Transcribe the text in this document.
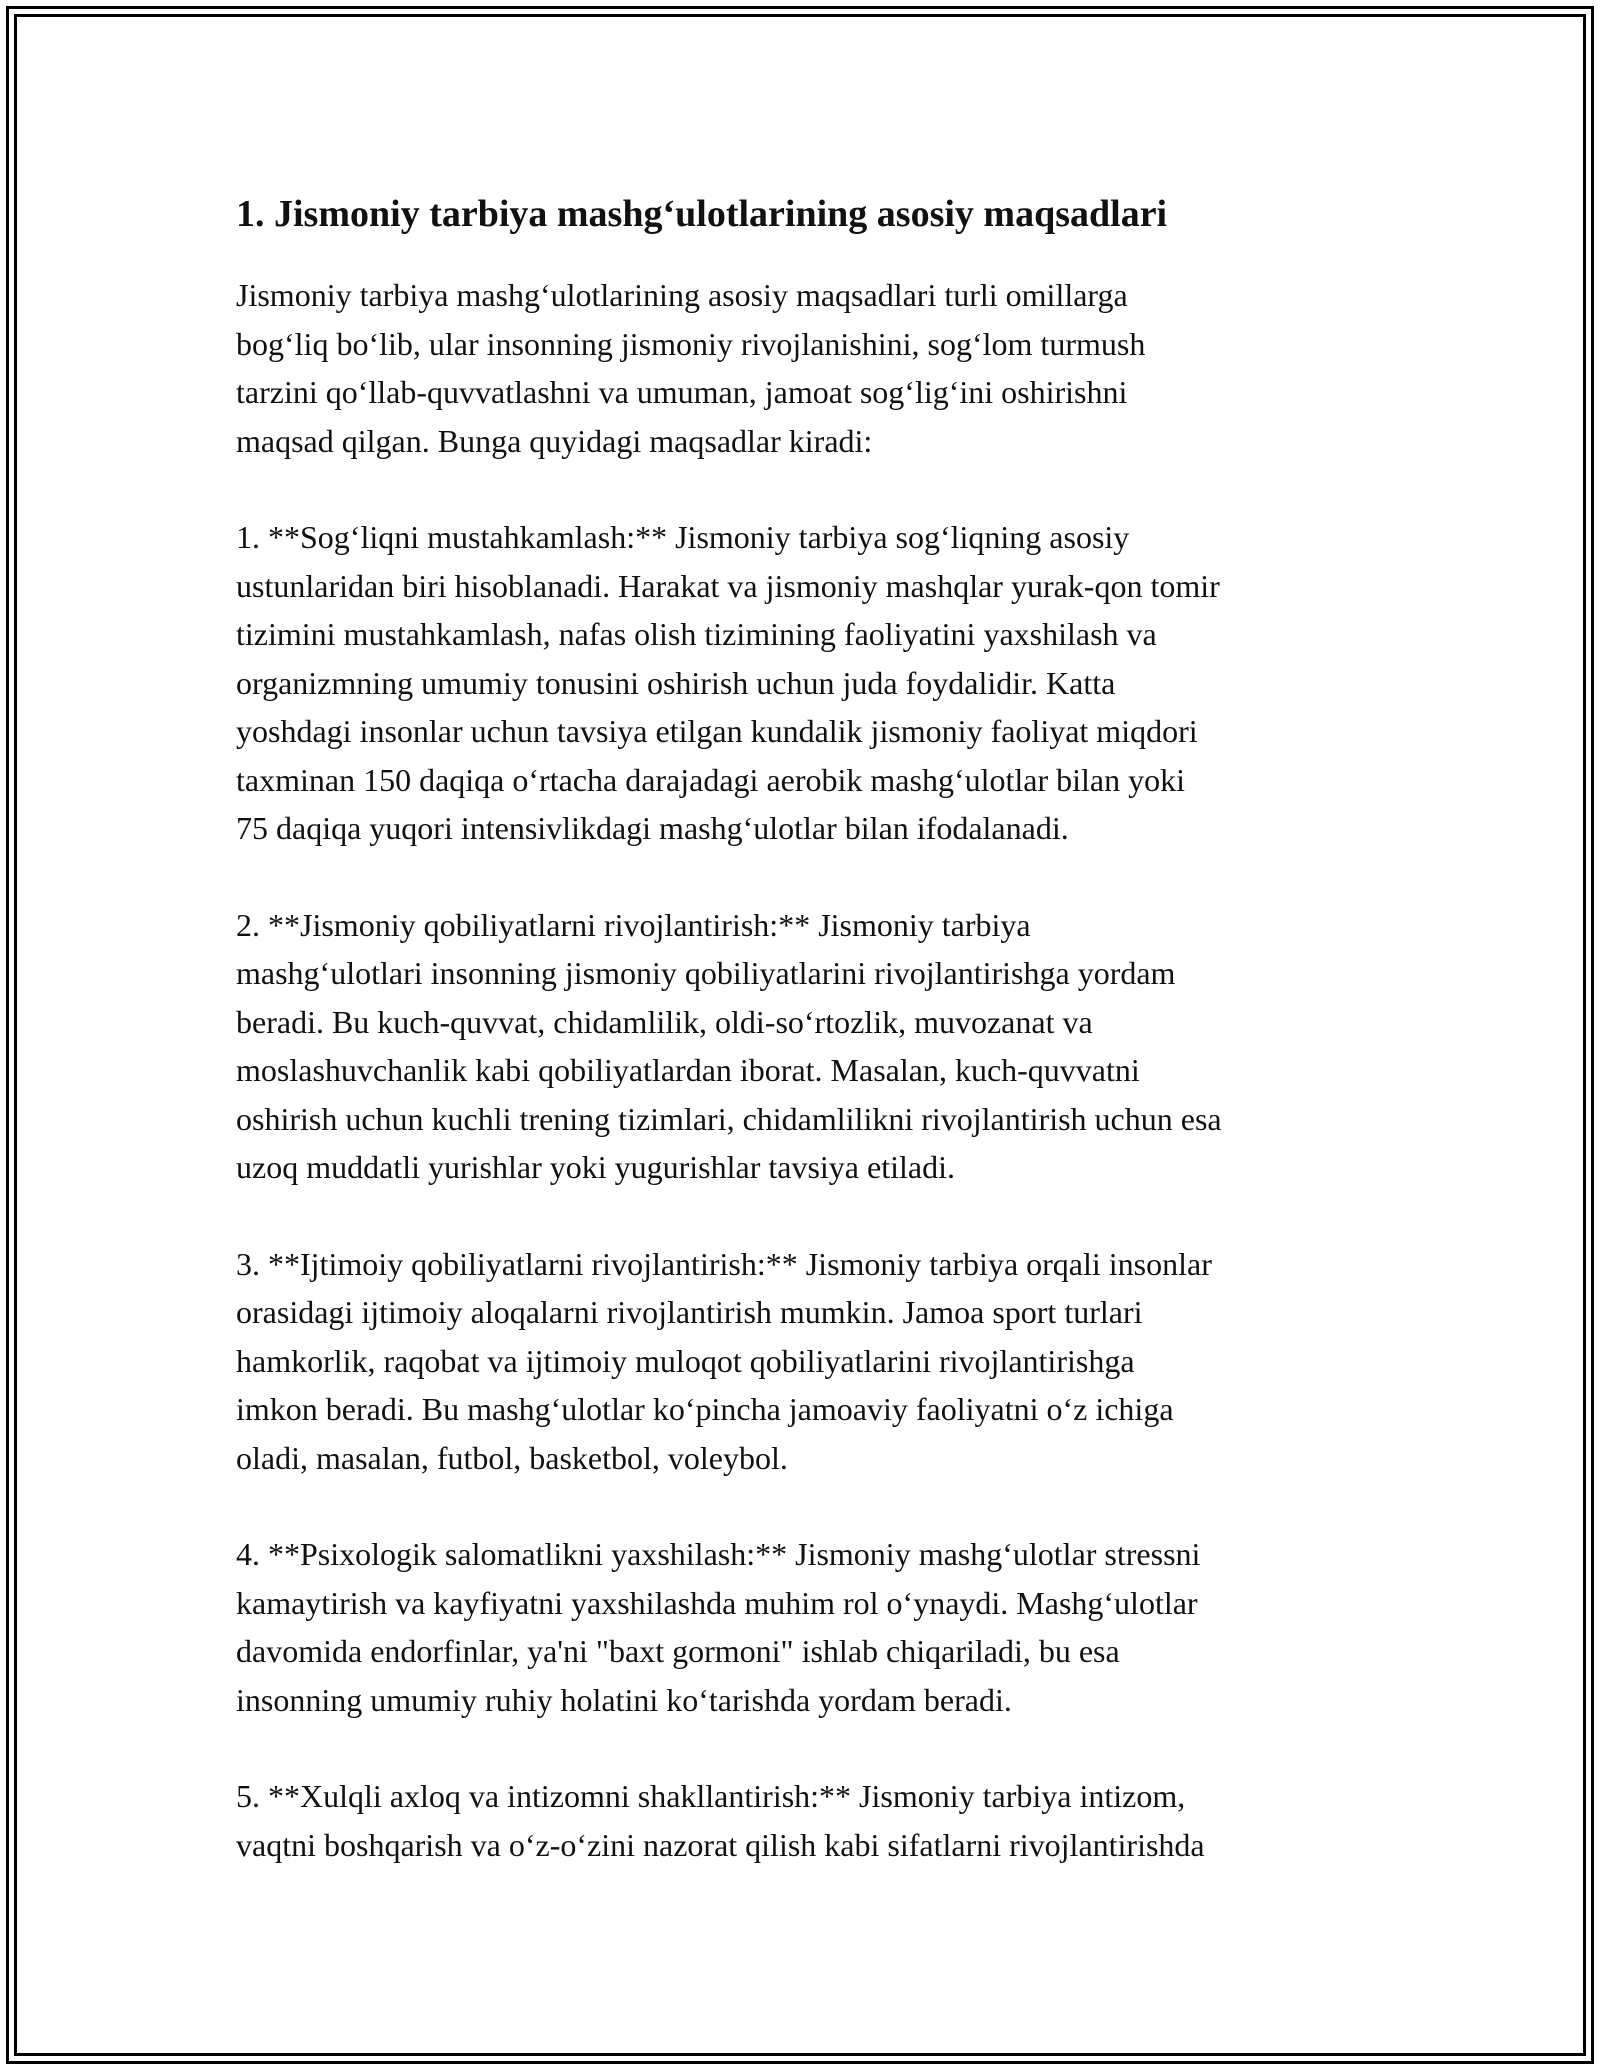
1. Jismoniy tarbiya mashg‘ulotlarining asosiy maqsadlari

Jismoniy tarbiya mashg‘ulotlarining asosiy maqsadlari turli omillarga
bog‘liq bo‘lib, ular insonning jismoniy rivojlanishini, sog‘lom turmush
tarzini qo‘llab-quvvatlashni va umuman, jamoat sog‘lig‘ini oshirishni
maqsad qilgan. Bunga quyidagi maqsadlar kiradi:

1. **Sog‘liqni mustahkamlash:** Jismoniy tarbiya sog‘liqning asosiy
ustunlaridan biri hisoblanadi. Harakat va jismoniy mashqlar yurak-qon tomir
tizimini mustahkamlash, nafas olish tizimining faoliyatini yaxshilash va
organizmning umumiy tonusini oshirish uchun juda foydalidir. Katta
yoshdagi insonlar uchun tavsiya etilgan kundalik jismoniy faoliyat miqdori
taxminan 150 daqiqa o‘rtacha darajadagi aerobik mashg‘ulotlar bilan yoki
75 daqiqa yuqori intensivlikdagi mashg‘ulotlar bilan ifodalanadi.

2. **Jismoniy qobiliyatlarni rivojlantirish:** Jismoniy tarbiya
mashg‘ulotlari insonning jismoniy qobiliyatlarini rivojlantirishga yordam
beradi. Bu kuch-quvvat, chidamlilik, oldi-so‘rtozlik, muvozanat va
moslashuvchanlik kabi qobiliyatlardan iborat. Masalan, kuch-quvvatni
oshirish uchun kuchli trening tizimlari, chidamlilikni rivojlantirish uchun esa
uzoq muddatli yurishlar yoki yugurishlar tavsiya etiladi.

3. **Ijtimoiy qobiliyatlarni rivojlantirish:** Jismoniy tarbiya orqali insonlar
orasidagi ijtimoiy aloqalarni rivojlantirish mumkin. Jamoa sport turlari
hamkorlik, raqobat va ijtimoiy muloqot qobiliyatlarini rivojlantirishga
imkon beradi. Bu mashg‘ulotlar ko‘pincha jamoaviy faoliyatni o‘z ichiga
oladi, masalan, futbol, basketbol, voleybol.

4. **Psixologik salomatlikni yaxshilash:** Jismoniy mashg‘ulotlar stressni
kamaytirish va kayfiyatni yaxshilashda muhim rol o‘ynaydi. Mashg‘ulotlar
davomida endorfinlar, ya'ni "baxt gormoni" ishlab chiqariladi, bu esa
insonning umumiy ruhiy holatini ko‘tarishda yordam beradi.

5. **Xulqli axloq va intizomni shakllantirish:** Jismoniy tarbiya intizom,
vaqtni boshqarish va o‘z-o‘zini nazorat qilish kabi sifatlarni rivojlantirishda
